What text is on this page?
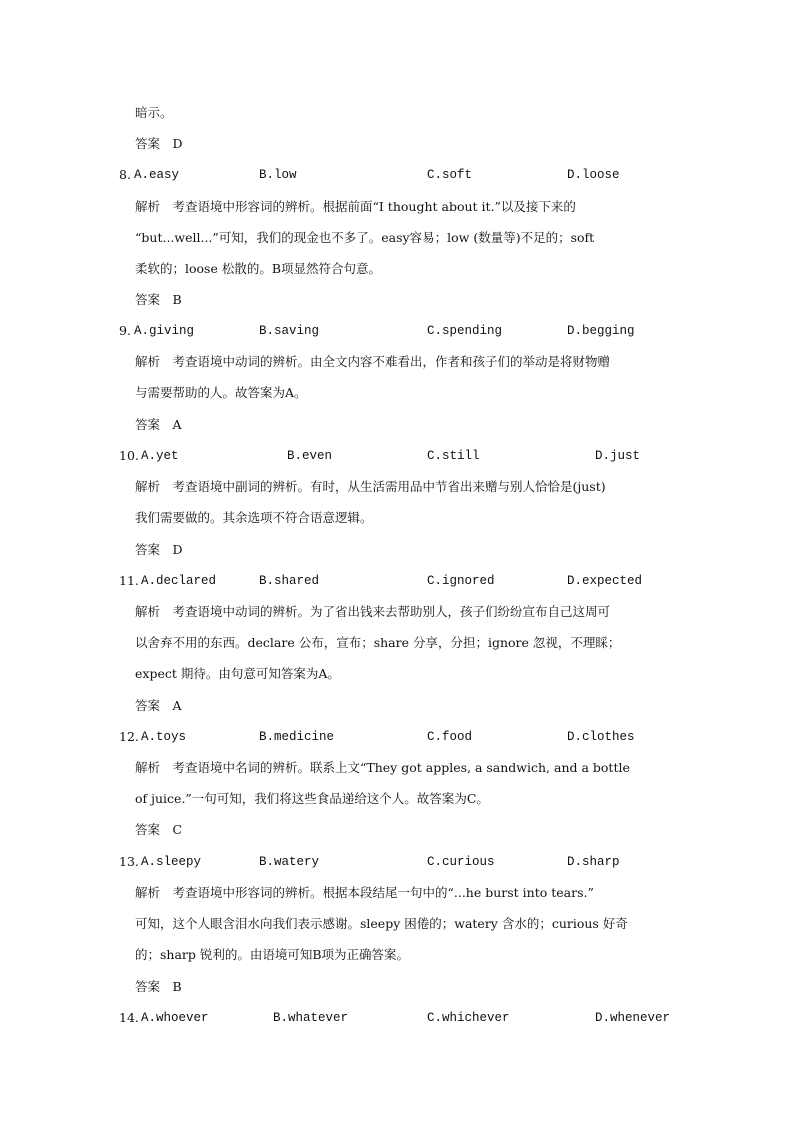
暗示。
答案　D
8. A.easy	B.low	C.soft	D.loose
解析　考查语境中形容词的辨析。根据前面“I thought about it.”以及接下来的
“but...well...”可知，我们的现金也不多了。easy容易；low (数量等)不足的；soft
柔软的；loose 松散的。B项显然符合句意。
答案　B
9. A.giving	B.saving	C.spending	D.begging
解析　考查语境中动词的辨析。由全文内容不难看出，作者和孩子们的举动是将财物赠
与需要帮助的人。故答案为A。
答案　A
10. A.yet	B.even	C.still	D.just
解析　考查语境中副词的辨析。有时，从生活需用品中节省出来赠与别人恰恰是(just)
我们需要做的。其余选项不符合语意逻辑。
答案　D
11. A.declared	B.shared	C.ignored	D.expected
解析　考查语境中动词的辨析。为了省出钱来去帮助别人，孩子们纷纷宣布自己这周可
以舍弃不用的东西。declare 公布，宣布；share 分享，分担；ignore 忽视，不理睬；
expect 期待。由句意可知答案为A。
答案　A
12. A.toys	B.medicine	C.food	D.clothes
解析　考查语境中名词的辨析。联系上文“They got apples, a sandwich, and a bottle
of juice.”一句可知，我们将这些食品递给这个人。故答案为C。
答案　C
13. A.sleepy	B.watery	C.curious	D.sharp
解析　考查语境中形容词的辨析。根据本段结尾一句中的“...he burst into tears.”
可知，这个人眼含泪水向我们表示感谢。sleepy 困倦的；watery 含水的；curious 好奇
的；sharp 锐利的。由语境可知B项为正确答案。
答案　B
14. A.whoever	B.whatever	C.whichever	D.whenever
